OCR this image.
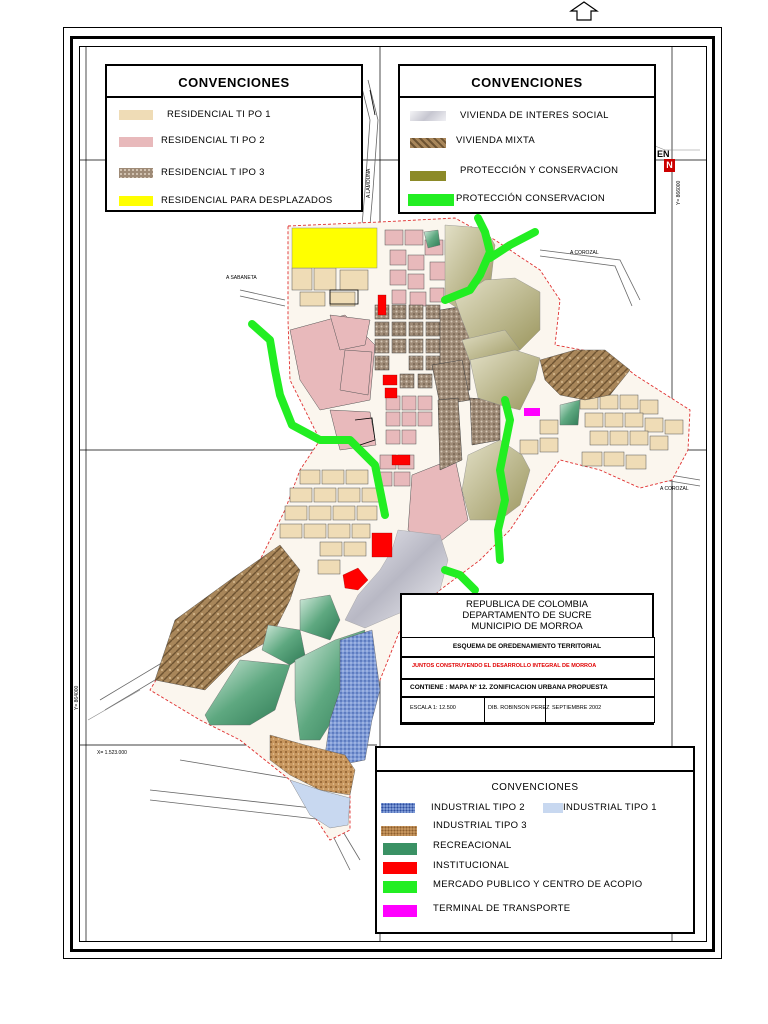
A SABANETA
A COROZAL
A COROZAL
X= 1.523.000
Y= 864000
Y= 866000
A LAMOUNA
EN
N
CONVENCIONES
RESIDENCIAL TI PO 1
RESIDENCIAL TI PO 2
RESIDENCIAL T IPO 3
RESIDENCIAL PARA DESPLAZADOS
CONVENCIONES
VIVIENDA DE INTERES SOCIAL
VIVIENDA MIXTA
PROTECCIÓN Y CONSERVACION
PROTECCIÓN CONSERVACION
REPUBLICA DE COLOMBIA
DEPARTAMENTO DE SUCRE
MUNICIPIO DE MORROA
ESQUEMA DE OREDENAMIENTO TERRITORIAL
JUNTOS CONSTRUYENDO EL DESARROLLO INTEGRAL DE MORROA
CONTIENE : MAPA Nº 12. ZONIFICACION URBANA PROPUESTA
ESCALA 1: 12.500	DIB. ROBINSON PEREZ SEPTIEMBRE 2002
CONVENCIONES
INDUSTRIAL TIPO 2	INDUSTRIAL TIPO 1
INDUSTRIAL TIPO 3
RECREACIONAL
INSTITUCIONAL
MERCADO PUBLICO Y CENTRO DE ACOPIO
TERMINAL DE TRANSPORTE
